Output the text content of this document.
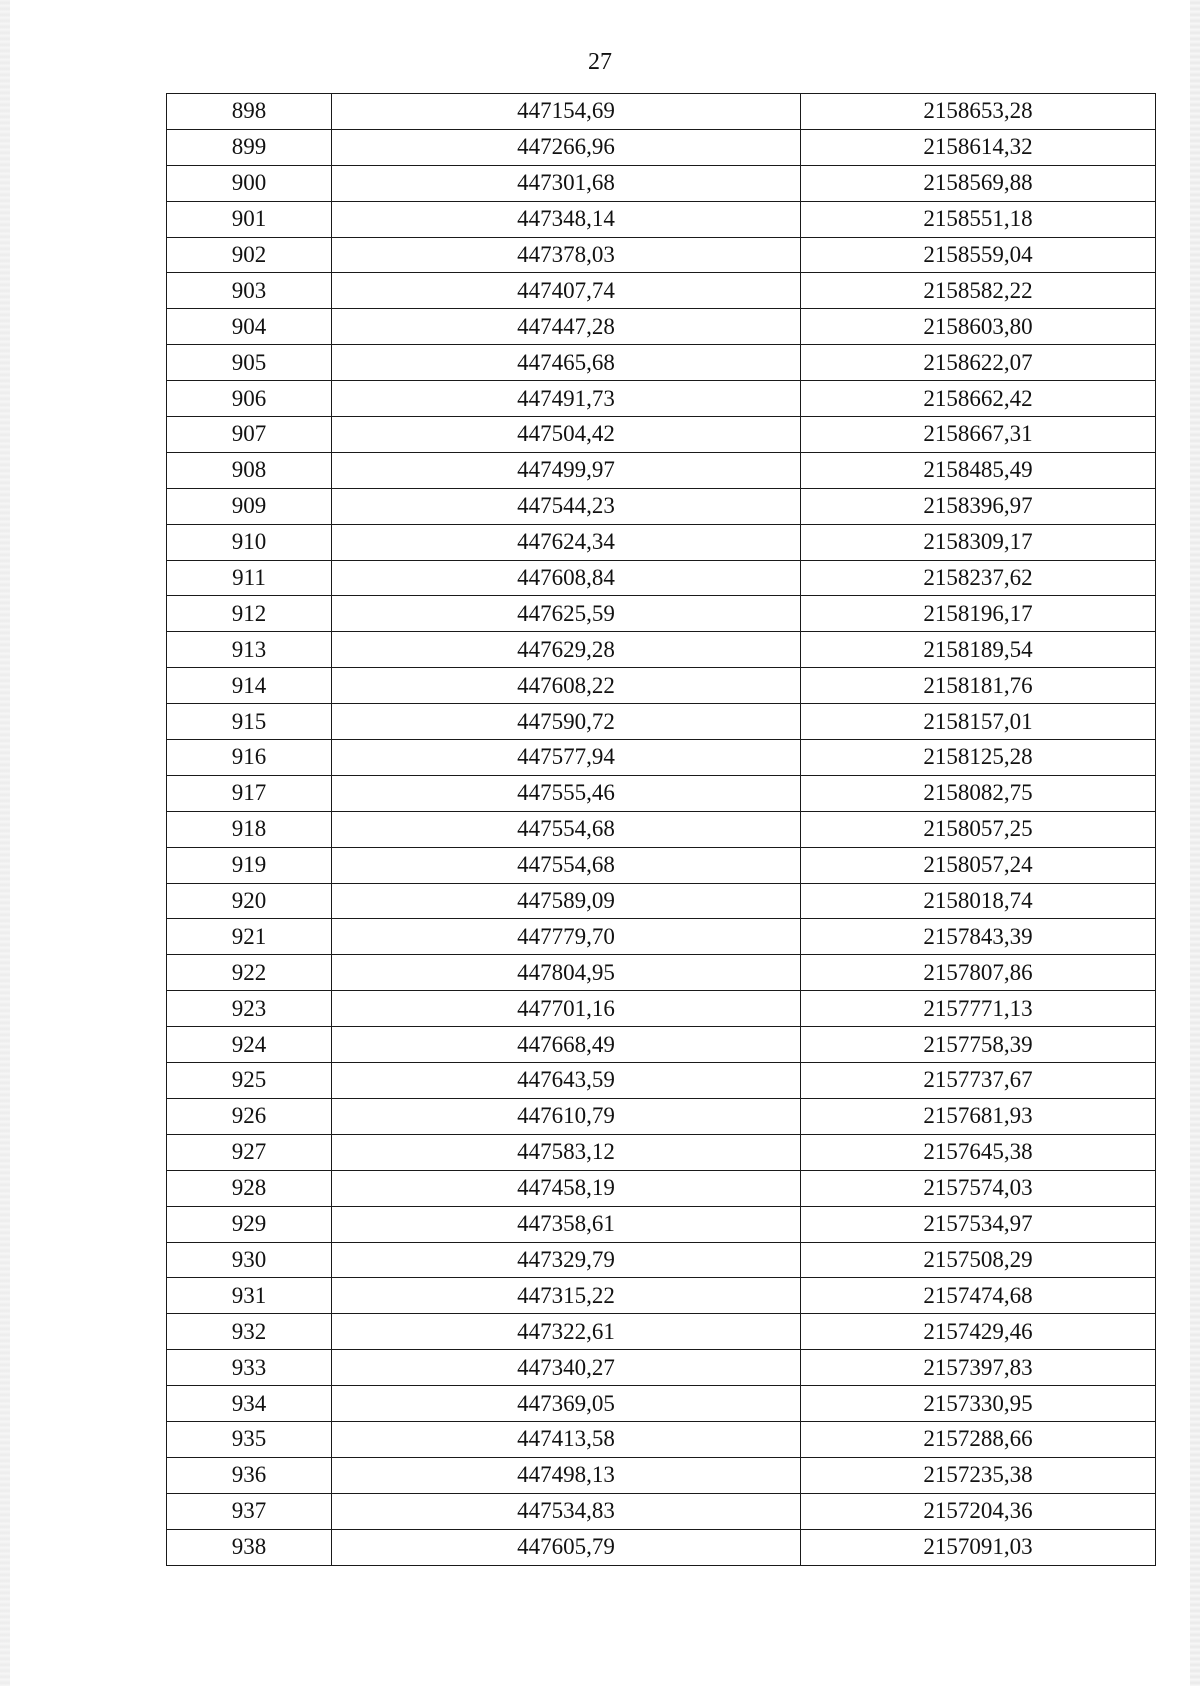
27
898	447154,69	2158653,28
899	447266,96	2158614,32
900	447301,68	2158569,88
901	447348,14	2158551,18
902	447378,03	2158559,04
903	447407,74	2158582,22
904	447447,28	2158603,80
905	447465,68	2158622,07
906	447491,73	2158662,42
907	447504,42	2158667,31
908	447499,97	2158485,49
909	447544,23	2158396,97
910	447624,34	2158309,17
911	447608,84	2158237,62
912	447625,59	2158196,17
913	447629,28	2158189,54
914	447608,22	2158181,76
915	447590,72	2158157,01
916	447577,94	2158125,28
917	447555,46	2158082,75
918	447554,68	2158057,25
919	447554,68	2158057,24
920	447589,09	2158018,74
921	447779,70	2157843,39
922	447804,95	2157807,86
923	447701,16	2157771,13
924	447668,49	2157758,39
925	447643,59	2157737,67
926	447610,79	2157681,93
927	447583,12	2157645,38
928	447458,19	2157574,03
929	447358,61	2157534,97
930	447329,79	2157508,29
931	447315,22	2157474,68
932	447322,61	2157429,46
933	447340,27	2157397,83
934	447369,05	2157330,95
935	447413,58	2157288,66
936	447498,13	2157235,38
937	447534,83	2157204,36
938	447605,79	2157091,03
